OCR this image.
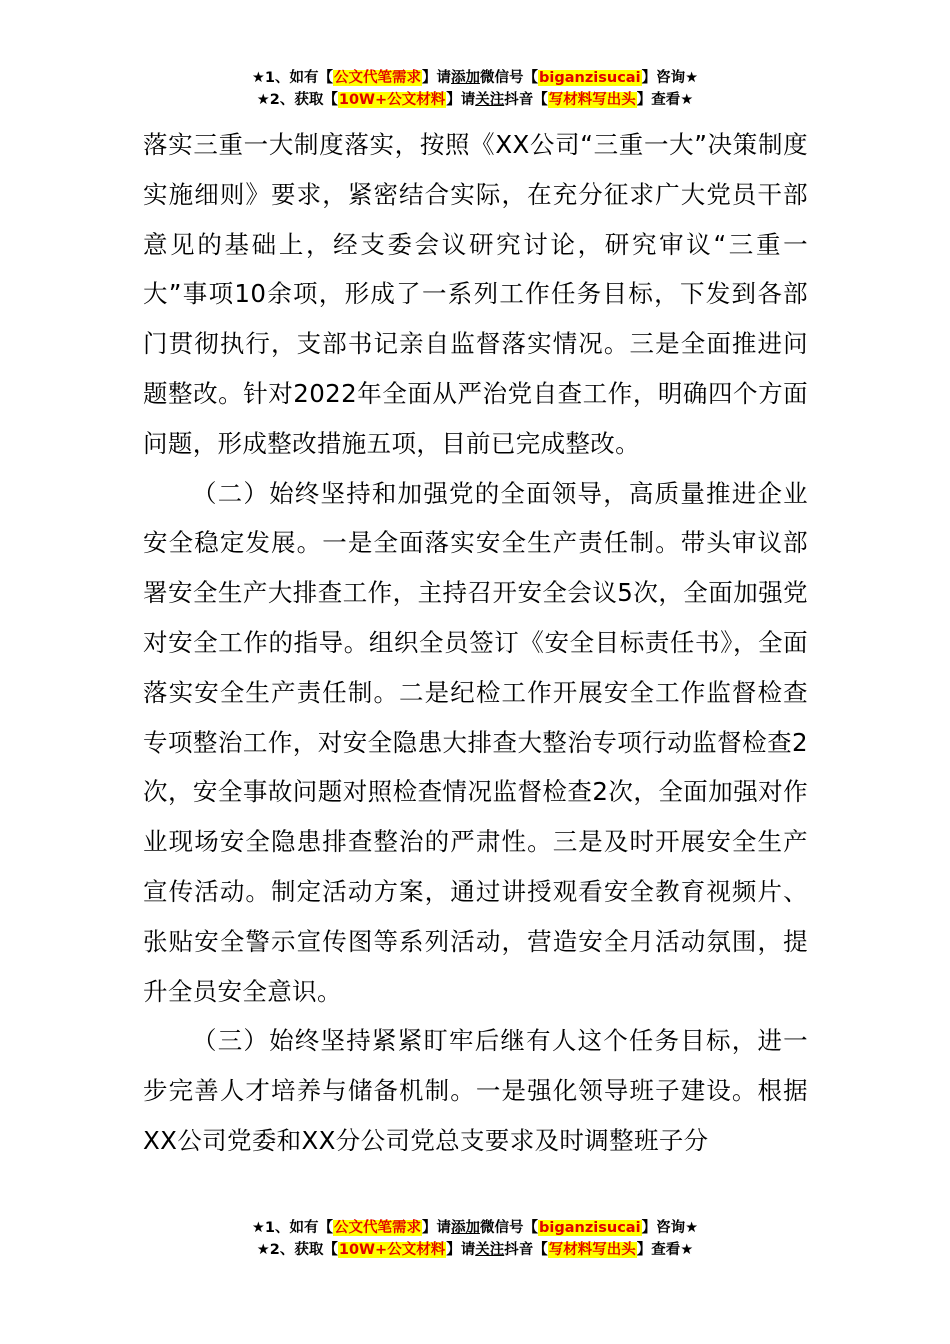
★1、如有【公文代笔需求】请添加微信号【biganzisucai】咨询★
★2、获取【10W+公文材料】请关注抖音【写材料写出头】查看★

落实三重一大制度落实，按照《XX公司“三重一大”决策制度实施细则》要求，紧密结合实际，在充分征求广大党员干部意见的基础上，经支委会议研究讨论，研究审议“三重一大”事项10余项，形成了一系列工作任务目标，下发到各部门贯彻执行，支部书记亲自监督落实情况。三是全面推进问题整改。针对2022年全面从严治党自查工作，明确四个方面问题，形成整改措施五项，目前已完成整改。

（二）始终坚持和加强党的全面领导，高质量推进企业安全稳定发展。一是全面落实安全生产责任制。带头审议部署安全生产大排查工作，主持召开安全会议5次，全面加强党对安全工作的指导。组织全员签订《安全目标责任书》，全面落实安全生产责任制。二是纪检工作开展安全工作监督检查专项整治工作，对安全隐患大排查大整治专项行动监督检查2次，安全事故问题对照检查情况监督检查2次，全面加强对作业现场安全隐患排查整治的严肃性。三是及时开展安全生产宣传活动。制定活动方案，通过讲授观看安全教育视频片、张贴安全警示宣传图等系列活动，营造安全月活动氛围，提升全员安全意识。

（三）始终坚持紧紧盯牢后继有人这个任务目标，进一步完善人才培养与储备机制。一是强化领导班子建设。根据XX公司党委和XX分公司党总支要求及时调整班子分

★1、如有【公文代笔需求】请添加微信号【biganzisucai】咨询★
★2、获取【10W+公文材料】请关注抖音【写材料写出头】查看★
